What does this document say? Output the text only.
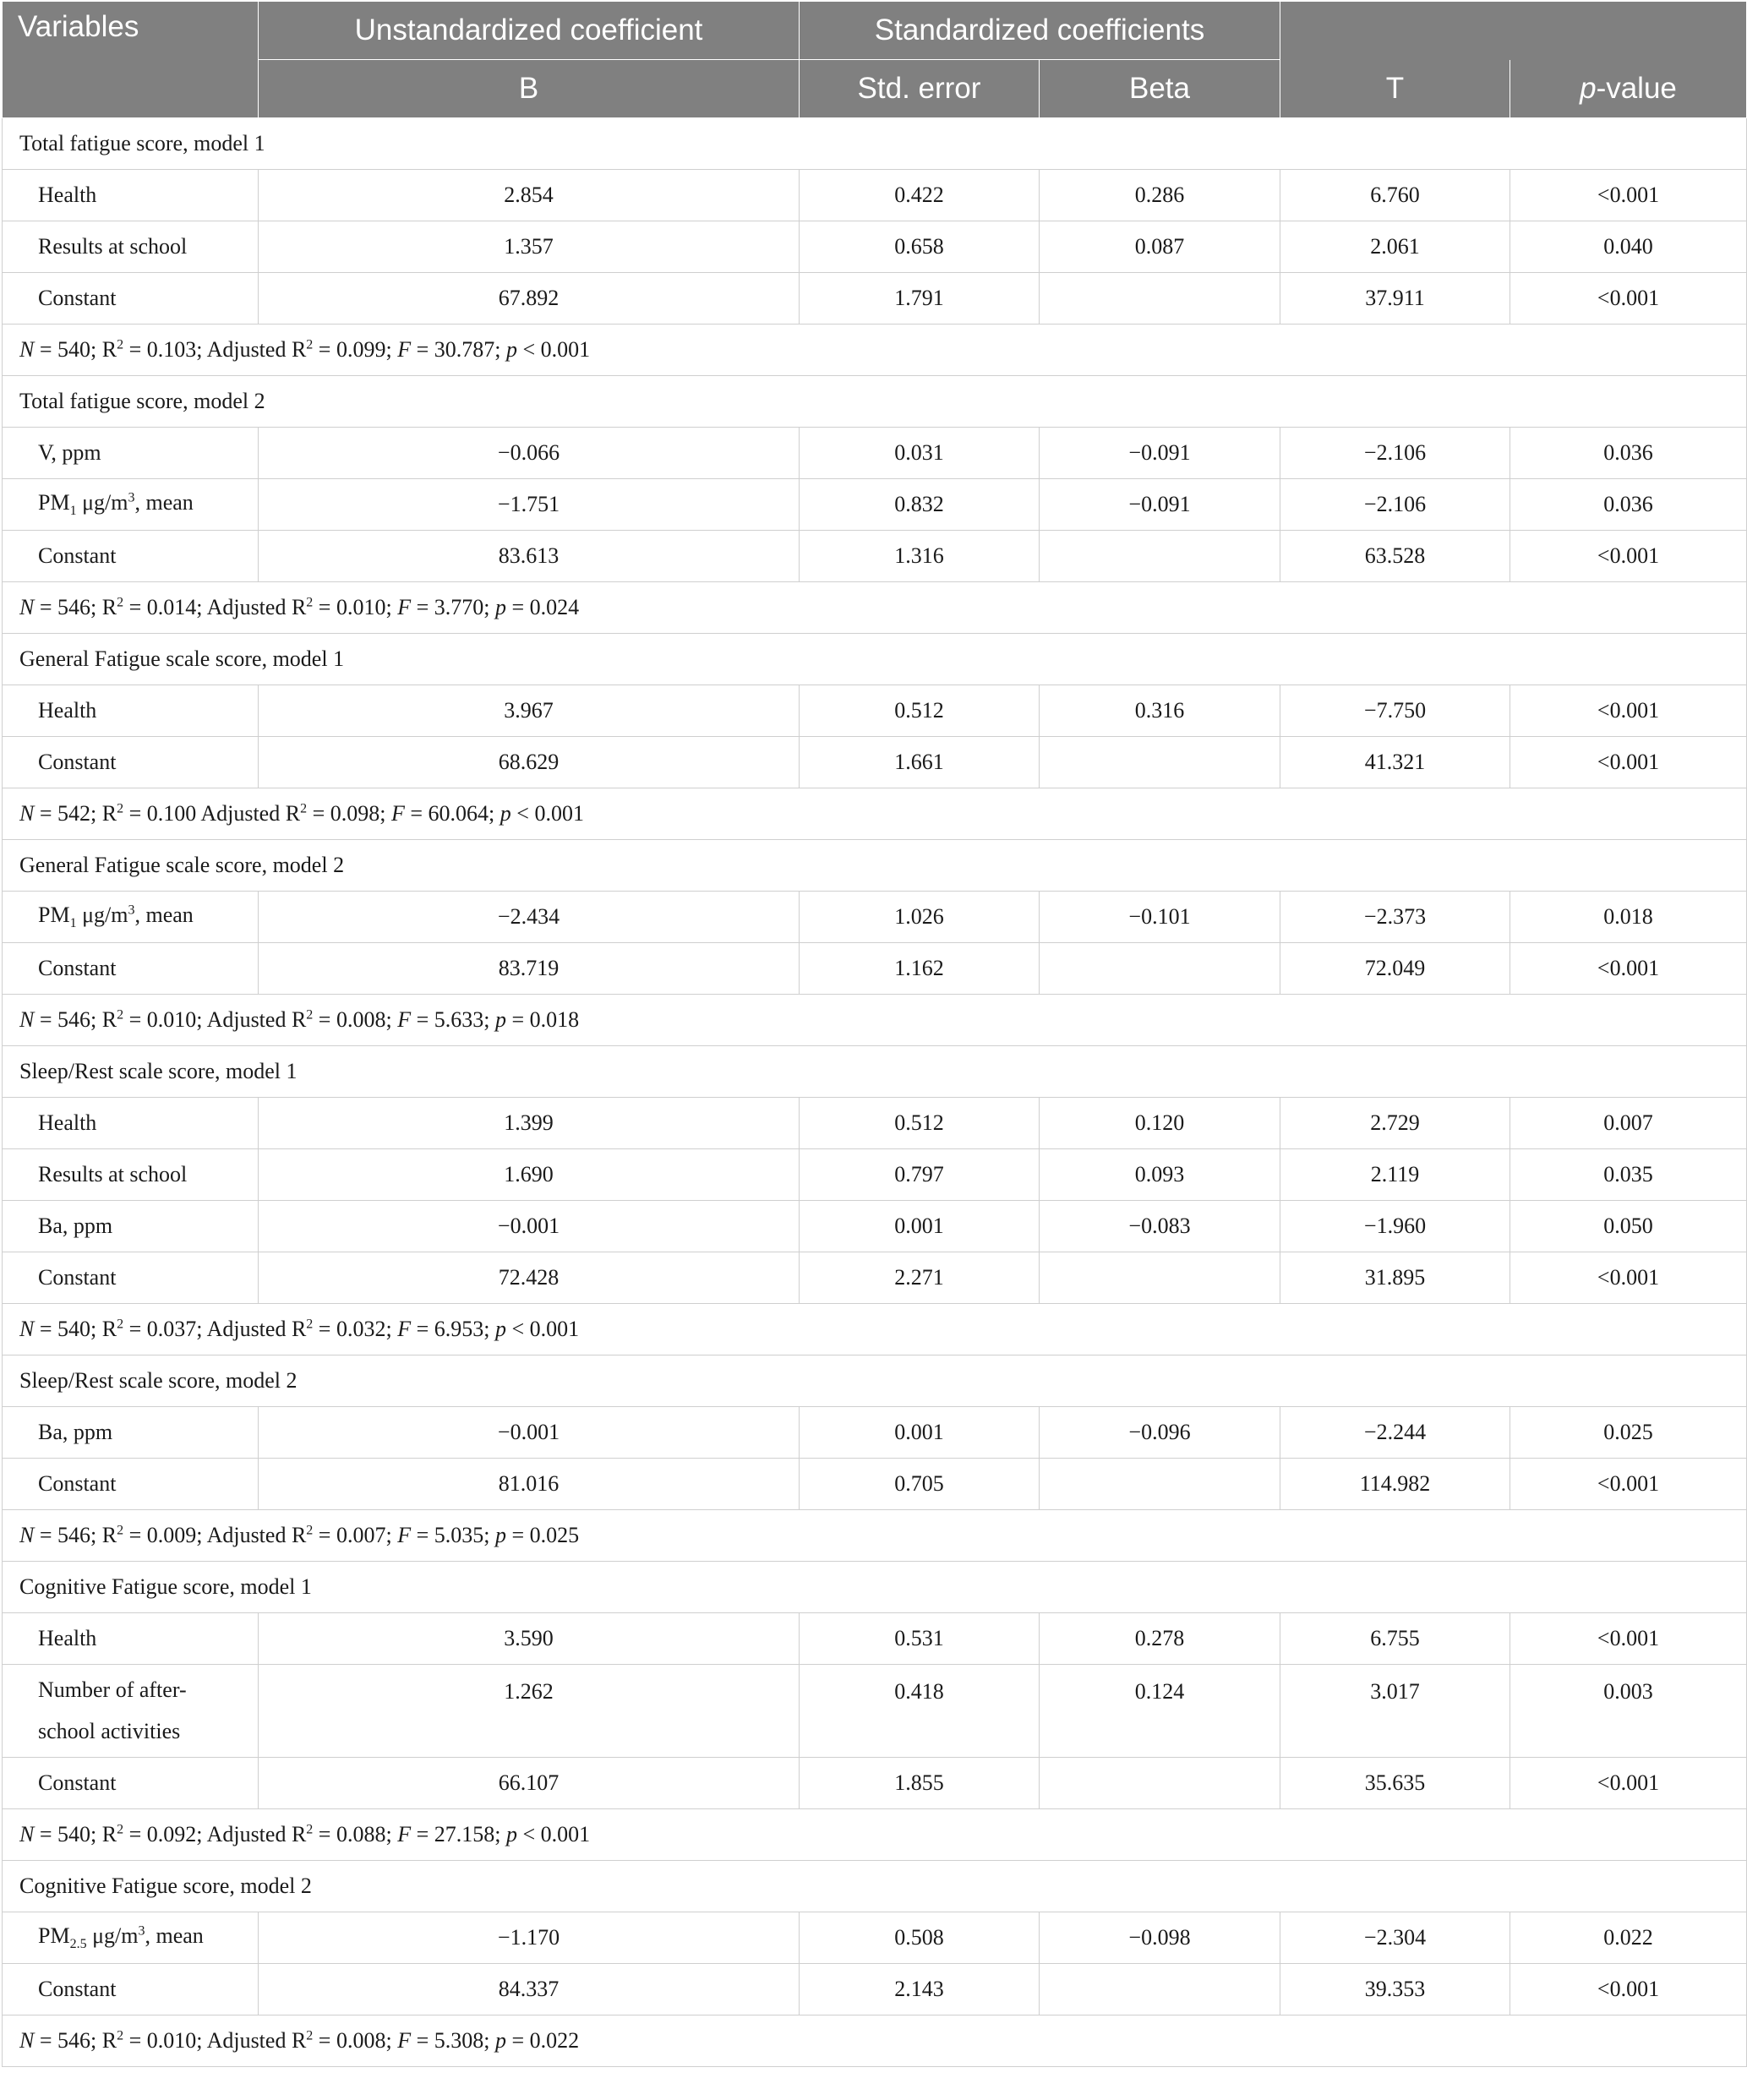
Variables	Unstandardized coefficient	Standardized coefficients			
	B	Std. error	Beta	T	p-value
Total fatigue score, model 1					
Health	2.854	0.422	0.286	6.760	<0.001
Results at school	1.357	0.658	0.087	2.061	0.040
Constant	67.892	1.791		37.911	<0.001
N = 540; $R^2 = 0.103$; Adjusted $R^2 = 0.099$; F = 30.787; p < 0.001					
Total fatigue score, model 2					
V, ppm	−0.066	0.031	−0.091	−2.106	0.036
$PM_1$ $\mu g/m^3$, mean	−1.751	0.832	−0.091	−2.106	0.036
Constant	83.613	1.316		63.528	<0.001
N = 546; $R^2 = 0.014$; Adjusted $R^2 = 0.010$; F = 3.770; p = 0.024					
General Fatigue scale score, model 1					
Health	3.967	0.512	0.316	−7.750	<0.001
Constant	68.629	1.661		41.321	<0.001
N = 542; $R^2 = 0.100$ Adjusted $R^2 = 0.098$; F = 60.064; p < 0.001					
General Fatigue scale score, model 2					
$PM_1$ $\mu g/m^3$, mean	−2.434	1.026	−0.101	−2.373	0.018
Constant	83.719	1.162		72.049	<0.001
N = 546; $R^2 = 0.010$; Adjusted $R^2 = 0.008$; F = 5.633; p = 0.018					
Sleep/Rest scale score, model 1					
Health	1.399	0.512	0.120	2.729	0.007
Results at school	1.690	0.797	0.093	2.119	0.035
Ba, ppm	−0.001	0.001	−0.083	−1.960	0.050
Constant	72.428	2.271		31.895	<0.001
N = 540; $R^2 = 0.037$; Adjusted $R^2 = 0.032$; F = 6.953; p < 0.001					
Sleep/Rest scale score, model 2					
Ba, ppm	−0.001	0.001	−0.096	−2.244	0.025
Constant	81.016	0.705		114.982	<0.001
N = 546; $R^2 = 0.009$; Adjusted $R^2 = 0.007$; F = 5.035; p = 0.025					
Cognitive Fatigue score, model 1					
Health	3.590	0.531	0.278	6.755	<0.001

Number of after-school activities	1.262	0.418	0.124	3.017	0.003

Constant	66.107	1.855		35.635	<0.001
N = 540; $R^2 = 0.092$; Adjusted $R^2 = 0.088$; F = 27.158; p < 0.001					
Cognitive Fatigue score, model 2					
$PM_{2.5}$ $\mu g/m^3$, mean	−1.170	0.508	−0.098	−2.304	0.022
Constant	84.337	2.143		39.353	<0.001
N = 546; $R^2 = 0.010$; Adjusted $R^2 = 0.008$; F = 5.308; p = 0.022					
